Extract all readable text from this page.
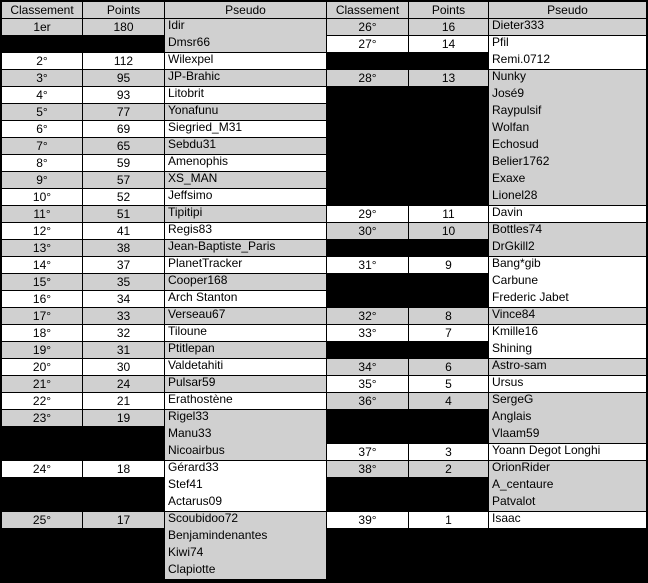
Classement	Points	Pseudo	Classement	Points	Pseudo
1er	180	Idir
Dmsr66
2°	112	Wilexpel
3°	95	JP-Brahic
4°	93	Litobrit
5°	77	Yonafunu
6°	69	Siegried_M31
7°	65	Sebdu31
8°	59	Amenophis
9°	57	XS_MAN
10°	52	Jeffsimo
11°	51	Tipitipi
12°	41	Regis83
13°	38	Jean-Baptiste_Paris
14°	37	PlanetTracker
15°	35	Cooper168
16°	34	Arch Stanton
17°	33	Verseau67
18°	32	Tiloune
19°	31	Ptitlepan
20°	30	Valdetahiti
21°	24	Pulsar59
22°	21	Erathostène
23°	19	Rigel33
Manu33
Nicoairbus
24°	18	Gérard33
Stef41
Actarus09
25°	17	Scoubidoo72
Benjamindenantes
Kiwi74
Clapiotte
26°	16	Dieter333
27°	14	Pfil
Remi.0712
28°	13	Nunky
José9
Raypulsif
Wolfan
Echosud
Belier1762
Exaxe
Lionel28
29°	11	Davin
30°	10	Bottles74
DrGkill2
31°	9	Bang*gib
Carbune
Frederic Jabet
32°	8	Vince84
33°	7	Kmille16
Shining
34°	6	Astro-sam
35°	5	Ursus
36°	4	SergeG
Anglais
Vlaam59
37°	3	Yoann Degot Longhi
38°	2	OrionRider
A_centaure
Patvalot
39°	1	Isaac
